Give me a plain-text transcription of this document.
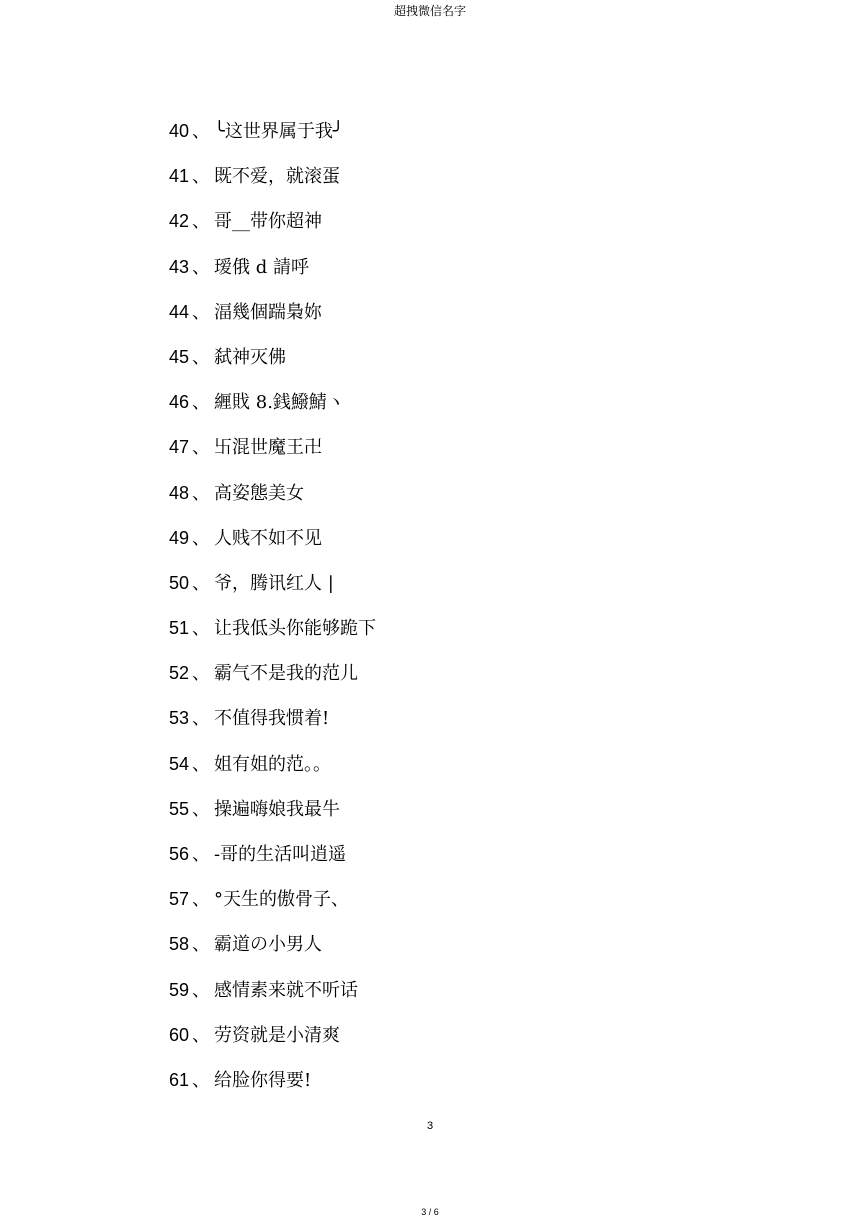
超拽微信名字
40 、 ╰这世界属于我╯
41 、 既不爱，就滚蛋
42 、 哥__带你超神
43 、 瑷俄 d 請呼
44 、 湢幾個踹梟妳
45 、 弑神灭佛
46 、 緾戝 8.銭鱍鯖ヽ
47 、 卐混世魔王卍
48 、 高姿態美女
49 、 人贱不如不见
50 、 爷，腾讯红人 |
51 、 让我低头你能够跪下
52 、 霸气不是我的范儿
53 、 不值得我惯着!
54 、 姐有姐的范。。
55 、 操遍嗨娘我最牛
56 、 -哥的生活叫逍遥
57 、 °天生的傲骨子、
58 、 霸道の小男人
59 、 感情素来就不听话
60 、 劳资就是小清爽
61 、 给脸你得要!
3
3 / 6
